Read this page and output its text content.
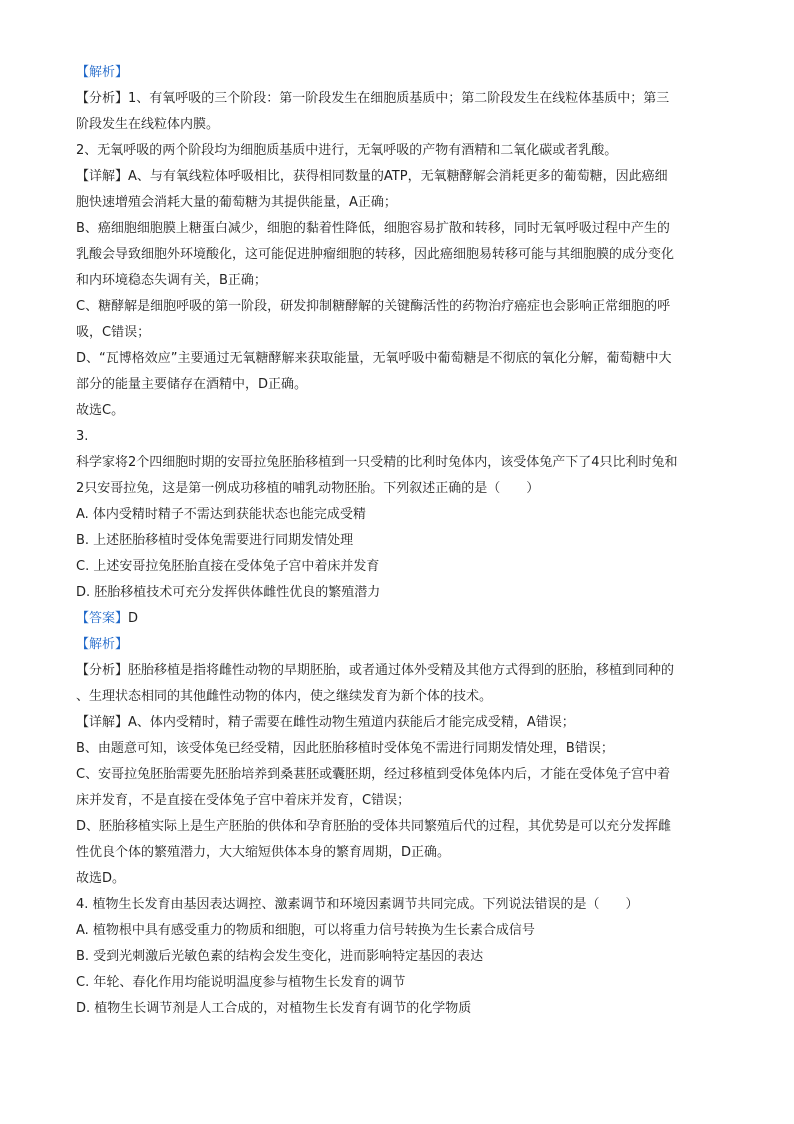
【解析】
【分析】1、有氧呼吸的三个阶段：第一阶段发生在细胞质基质中；第二阶段发生在线粒体基质中；第三
阶段发生在线粒体内膜。
2、无氧呼吸的两个阶段均为细胞质基质中进行，无氧呼吸的产物有酒精和二氧化碳或者乳酸。
【详解】A、与有氧线粒体呼吸相比，获得相同数量的ATP，无氧糖酵解会消耗更多的葡萄糖，因此癌细
胞快速增殖会消耗大量的葡萄糖为其提供能量，A正确；
B、癌细胞细胞膜上糖蛋白减少，细胞的黏着性降低，细胞容易扩散和转移，同时无氧呼吸过程中产生的
乳酸会导致细胞外环境酸化，这可能促进肿瘤细胞的转移，因此癌细胞易转移可能与其细胞膜的成分变化
和内环境稳态失调有关，B正确；
C、糖酵解是细胞呼吸的第一阶段，研发抑制糖酵解的关键酶活性的药物治疗癌症也会影响正常细胞的呼
吸，C错误；
D、“瓦博格效应”主要通过无氧糖酵解来获取能量，无氧呼吸中葡萄糖是不彻底的氧化分解，葡萄糖中大
部分的能量主要储存在酒精中，D正确。
故选C。
3.
科学家将2个四细胞时期的安哥拉兔胚胎移植到一只受精的比利时兔体内，该受体兔产下了4只比利时兔和
2只安哥拉兔，这是第一例成功移植的哺乳动物胚胎。下列叙述正确的是（　　）
A. 体内受精时精子不需达到获能状态也能完成受精
B. 上述胚胎移植时受体兔需要进行同期发情处理
C. 上述安哥拉兔胚胎直接在受体兔子宫中着床并发育
D. 胚胎移植技术可充分发挥供体雌性优良的繁殖潜力
【答案】D
【解析】
【分析】胚胎移植是指将雌性动物的早期胚胎，或者通过体外受精及其他方式得到的胚胎，移植到同种的
、生理状态相同的其他雌性动物的体内，使之继续发育为新个体的技术。
【详解】A、体内受精时，精子需要在雌性动物生殖道内获能后才能完成受精，A错误；
B、由题意可知，该受体兔已经受精，因此胚胎移植时受体兔不需进行同期发情处理，B错误；
C、安哥拉兔胚胎需要先胚胎培养到桑葚胚或囊胚期，经过移植到受体兔体内后，才能在受体兔子宫中着
床并发育，不是直接在受体兔子宫中着床并发育，C错误；
D、胚胎移植实际上是生产胚胎的供体和孕育胚胎的受体共同繁殖后代的过程，其优势是可以充分发挥雌
性优良个体的繁殖潜力，大大缩短供体本身的繁育周期，D正确。
故选D。
4. 植物生长发育由基因表达调控、激素调节和环境因素调节共同完成。下列说法错误的是（　　）
A. 植物根中具有感受重力的物质和细胞，可以将重力信号转换为生长素合成信号
B. 受到光刺激后光敏色素的结构会发生变化，进而影响特定基因的表达
C. 年轮、春化作用均能说明温度参与植物生长发育的调节
D. 植物生长调节剂是人工合成的，对植物生长发育有调节的化学物质
